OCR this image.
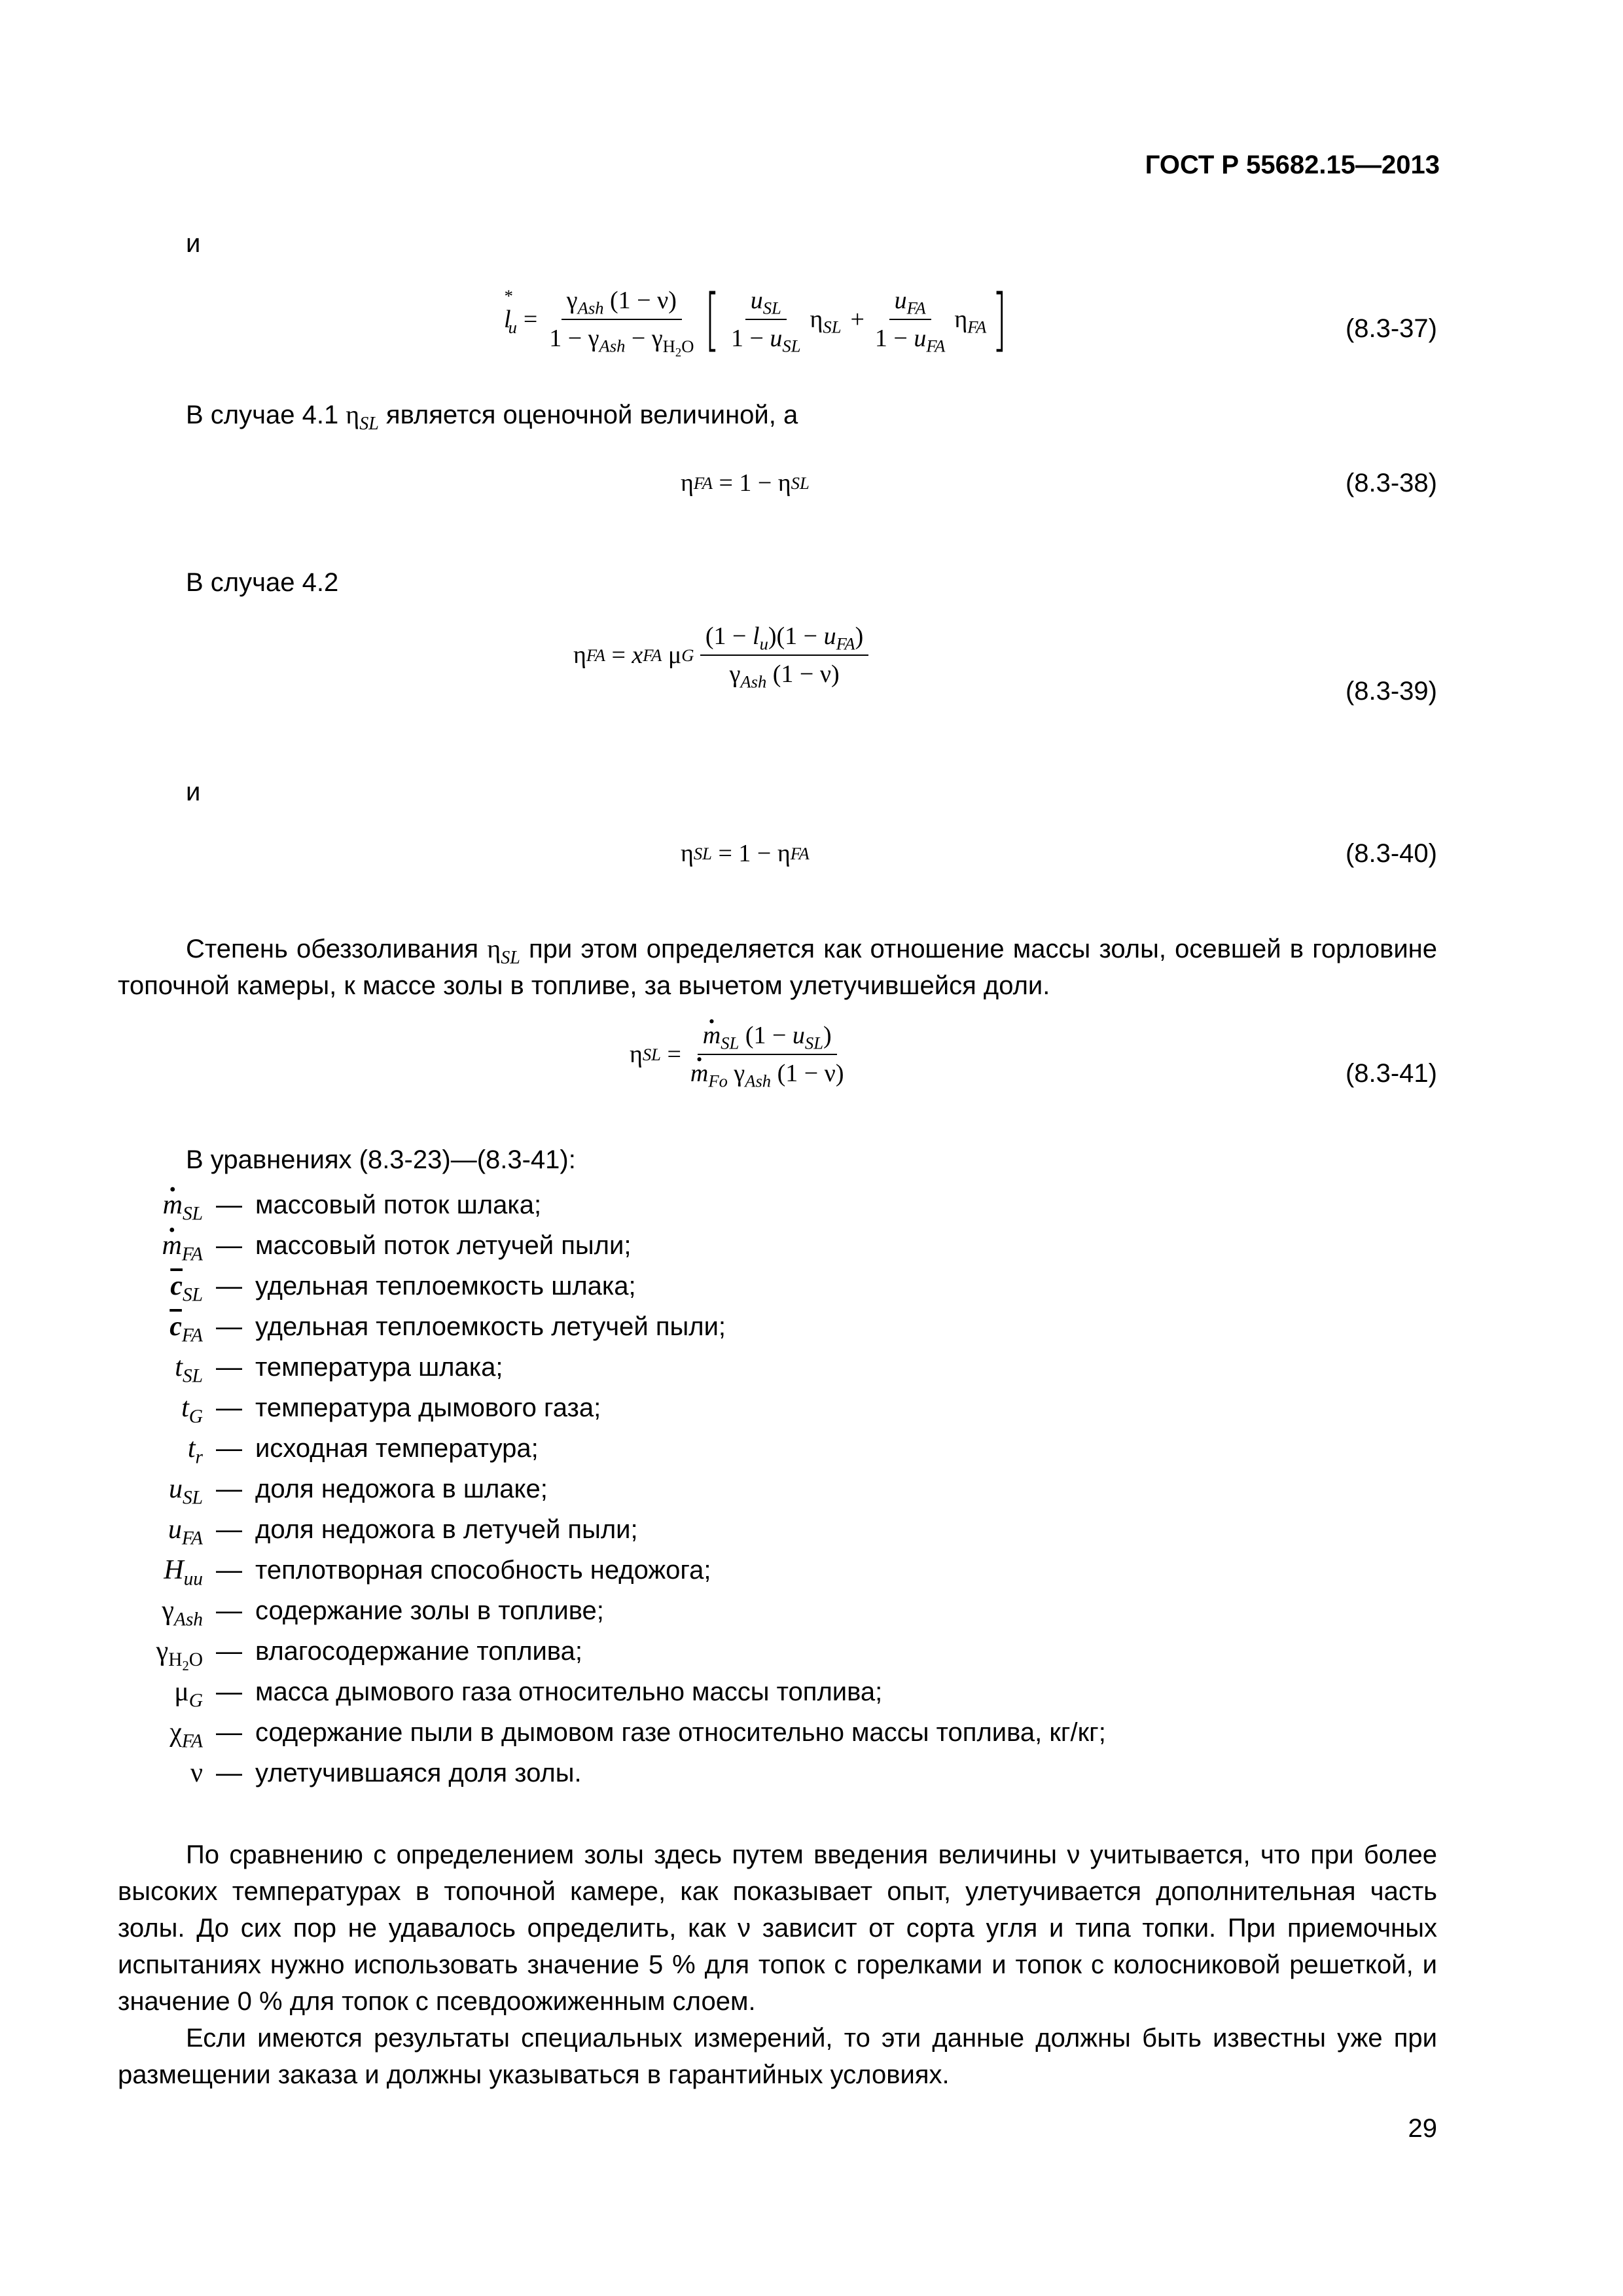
ГОСТ Р 55682.15—2013
и
l
*
$_u = \frac{\gamma_{Ash} (1 - \nu)}{1 - \gamma_{Ash} - \gamma_{H_2O}}$ [ $\frac{u_{SL}}{1 - u_{SL}} \eta_{SL} + \frac{u_{FA}}{1 - u_{FA}} \eta_{FA}$ ]	(8.3-37)
В случае 4.1 $\eta_{SL}$ является оценочной величиной, а
η FA = 1 − η SL	(8.3-38)
В случае 4.2
η FA = x FA μ G
$\frac{(1 - l_u)(1 - u_{FA})}{\gamma_{Ash} (1 - \nu)}$
(8.3-39)
и
η SL = 1 − η FA	(8.3-40)
Степень обеззоливания $\eta_{SL}$ при этом определяется как отношение массы золы, осевшей в горловине топочной камеры, к массе золы в топливе, за вычетом улетучившейся доли.
η SL = · $m_{SL}$ $(1 - u_{SL})$
· $m_{Fo}$ $\gamma_{Ash}$ (1 − ν)	(8.3-41)
В уравнениях (8.3-23)—(8.3-41):
· $m_{SL}$ — массовый поток шлака;
· $m_{FA}$ — массовый поток летучей пыли;
$\overline{c}_{SL}$ — удельная теплоемкость шлака;
$\overline{c}_{FA}$ — удельная теплоемкость летучей пыли;
$t_{SL}$ — температура шлака;
$t_G$ — температура дымового газа;
$t_r$ — исходная температура;
$u_{SL}$ — доля недожога в шлаке;
$u_{FA}$ — доля недожога в летучей пыли;
$H_{uu}$ — теплотворная способность недожога;
$\gamma_{Ash}$ — содержание золы в топливе;
$\gamma_{H_2O}$ — влагосодержание топлива;
$\mu_G$ — масса дымового газа относительно массы топлива;
$\chi_{FA}$ — содержание пыли в дымовом газе относительно массы топлива, кг/кг;
ν — улетучившаяся доля золы.
По сравнению с определением золы здесь путем введения величины ν учитывается, что при более высоких температурах в топочной камере, как показывает опыт, улетучивается дополнительная часть золы. До сих пор не удавалось определить, как ν зависит от сорта угля и типа топки. При приемочных испытаниях нужно использовать значение 5 % для топок с горелками и топок с колосниковой решеткой, и значение 0 % для топок с псевдоожиженным слоем.
Если имеются результаты специальных измерений, то эти данные должны быть известны уже при размещении заказа и должны указываться в гарантийных условиях.
29
